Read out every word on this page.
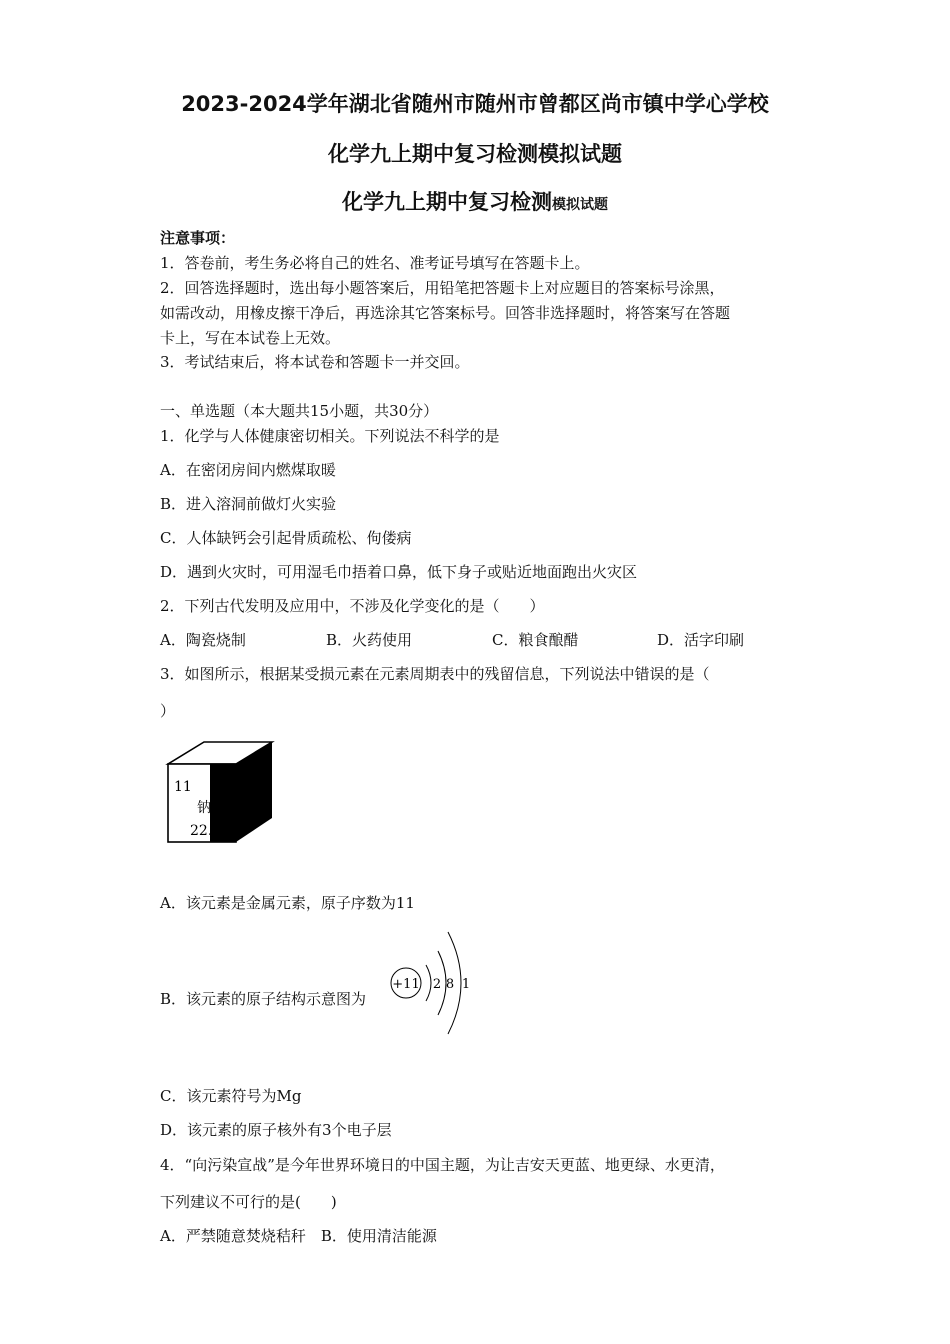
2023-2024学年湖北省随州市随州市曾都区尚市镇中学心学校
化学九上期中复习检测模拟试题
化学九上期中复习检测模拟试题
注意事项：
1．答卷前，考生务必将自己的姓名、准考证号填写在答题卡上。
2．回答选择题时，选出每小题答案后，用铅笔把答题卡上对应题目的答案标号涂黑，
如需改动，用橡皮擦干净后，再选涂其它答案标号。回答非选择题时，将答案写在答题
卡上，写在本试卷上无效。
3．考试结束后，将本试卷和答题卡一并交回。
一、单选题（本大题共15小题，共30分）
1．化学与人体健康密切相关。下列说法不科学的是
A．在密闭房间内燃煤取暖
B．进入溶洞前做灯火实验
C．人体缺钙会引起骨质疏松、佝偻病
D．遇到火灾时，可用湿毛巾捂着口鼻，低下身子或贴近地面跑出火灾区
2．下列古代发明及应用中，不涉及化学变化的是（　　）
A．陶瓷烧制	B．火药使用	C．粮食酿醋	D．活字印刷
3．如图所示，根据某受损元素在元素周期表中的残留信息，下列说法中错误的是（
）
11
钠
22.
A．该元素是金属元素，原子序数为11
B．该元素的原子结构示意图为
+11 2 8 1
C．该元素符号为Mg
D．该元素的原子核外有3个电子层
4．“向污染宣战”是今年世界环境日的中国主题，为让吉安天更蓝、地更绿、水更清，
下列建议不可行的是(　　)
A．严禁随意焚烧秸秆　B．使用清洁能源
